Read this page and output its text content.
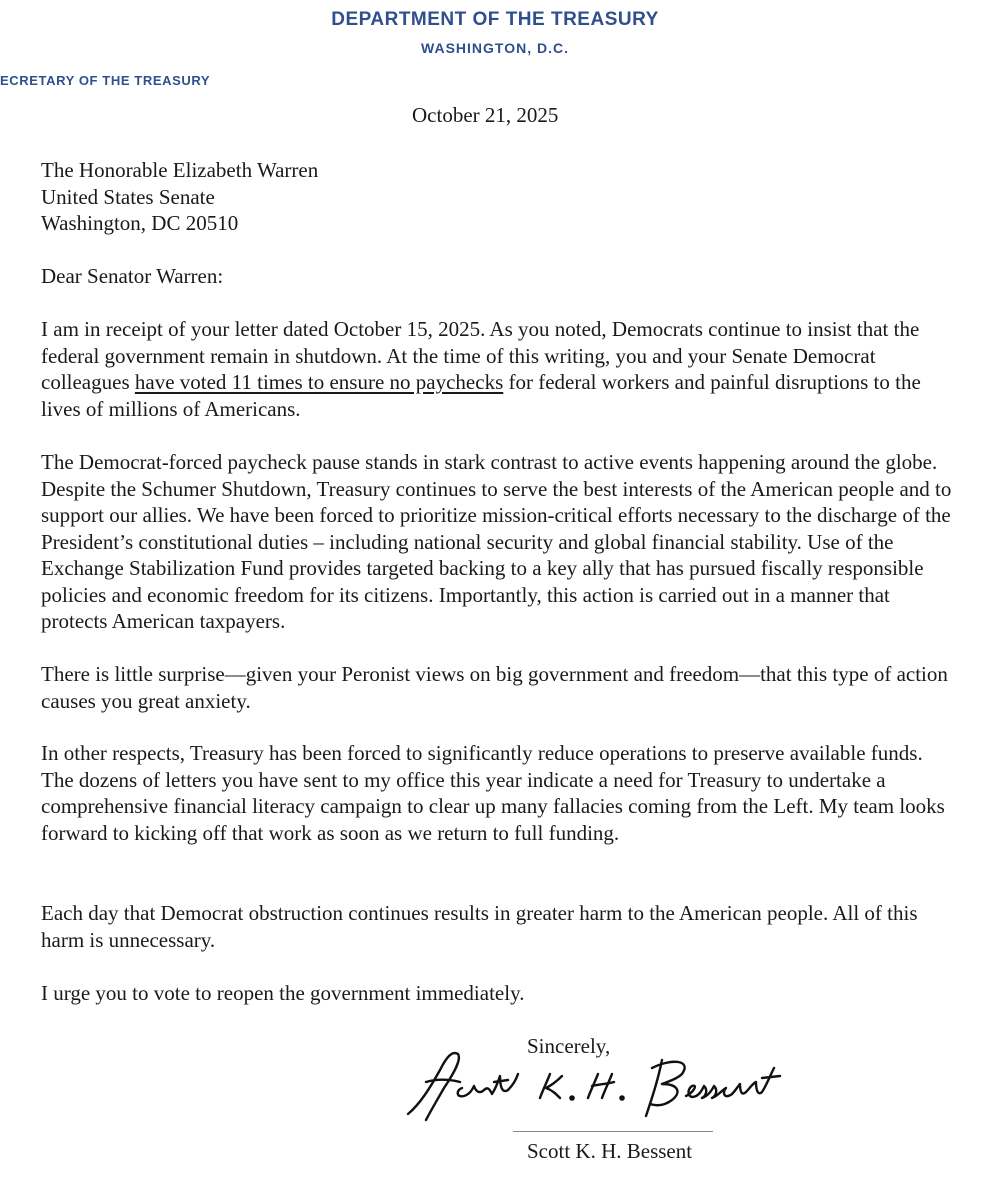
DEPARTMENT OF THE TREASURY
WASHINGTON, D.C.
ECRETARY OF THE TREASURY
October 21, 2025
The Honorable Elizabeth Warren
United States Senate
Washington, DC 20510
Dear Senator Warren:

I am in receipt of your letter dated October 15, 2025. As you noted, Democrats continue to insist that the federal government remain in shutdown. At the time of this writing, you and your Senate Democrat colleagues have voted 11 times to ensure no paychecks for federal workers and painful disruptions to the lives of millions of Americans.

The Democrat-forced paycheck pause stands in stark contrast to active events happening around the globe. Despite the Schumer Shutdown, Treasury continues to serve the best interests of the American people and to support our allies. We have been forced to prioritize mission-critical efforts necessary to the discharge of the President’s constitutional duties – including national security and global financial stability. Use of the Exchange Stabilization Fund provides targeted backing to a key ally that has pursued fiscally responsible policies and economic freedom for its citizens. Importantly, this action is carried out in a manner that protects American taxpayers.

There is little surprise—given your Peronist views on big government and freedom—that this type of action causes you great anxiety.

In other respects, Treasury has been forced to significantly reduce operations to preserve available funds. The dozens of letters you have sent to my office this year indicate a need for Treasury to undertake a comprehensive financial literacy campaign to clear up many fallacies coming from the Left. My team looks forward to kicking off that work as soon as we return to full funding.

Each day that Democrat obstruction continues results in greater harm to the American people. All of this harm is unnecessary.

I urge you to vote to reopen the government immediately.

Sincerely,
Scott K. H. Bessent
